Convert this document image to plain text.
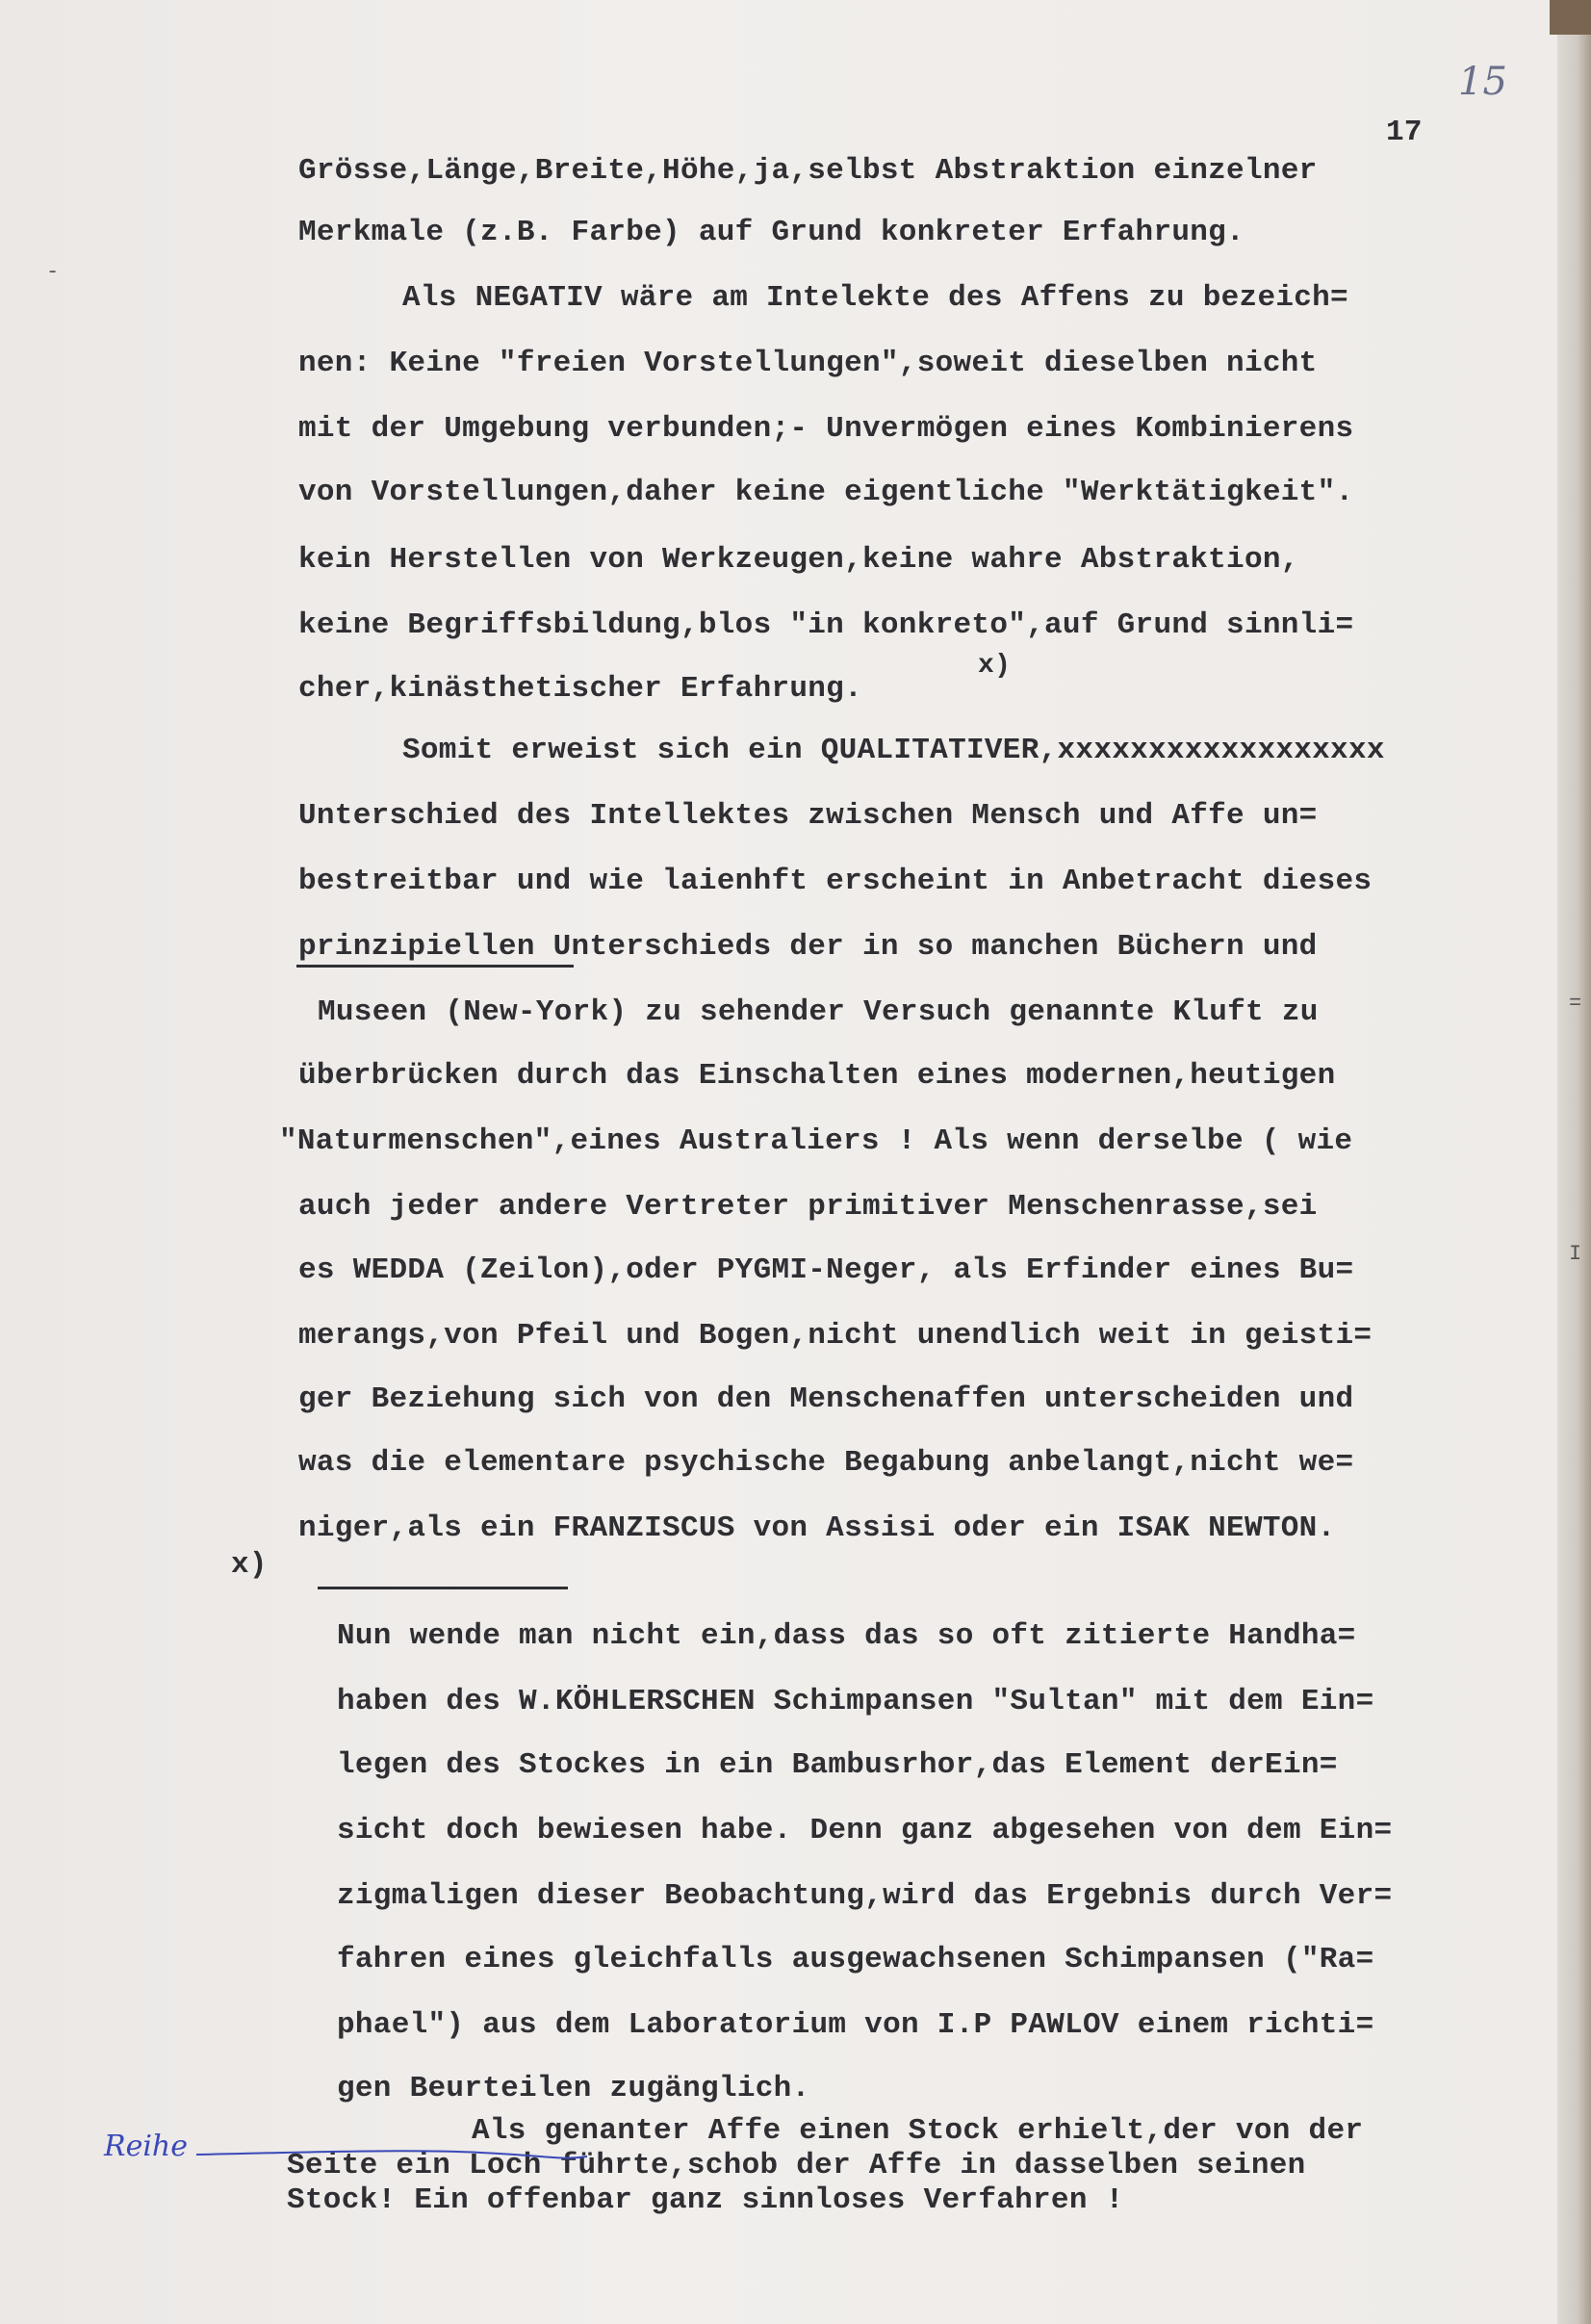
15
17
Grösse,Länge,Breite,Höhe,ja,selbst Abstraktion einzelner
Merkmale (z.B. Farbe) auf Grund konkreter Erfahrung.
Als NEGATIV wäre am Intelekte des Affens zu bezeich=
nen: Keine "freien Vorstellungen",soweit dieselben nicht
mit der Umgebung verbunden;- Unvermögen eines Kombinierens
von Vorstellungen,daher keine eigentliche "Werktätigkeit".
kein Herstellen von Werkzeugen,keine wahre Abstraktion,
keine Begriffsbildung,blos "in konkreto",auf Grund sinnli=
cher,kinästhetischer Erfahrung.
x)
Somit erweist sich ein QUALITATIVER,xxxxxxxxxxxxxxxxxx
Unterschied des Intellektes zwischen Mensch und Affe un=
bestreitbar und wie laienhft erscheint in Anbetracht dieses
prinzipiellen Unterschieds der in so manchen Büchern und
Museen (New-York) zu sehender Versuch genannte Kluft zu
überbrücken durch das Einschalten eines modernen,heutigen
"Naturmenschen",eines Australiers ! Als wenn derselbe ( wie
auch jeder andere Vertreter primitiver Menschenrasse,sei
es WEDDA (Zeilon),oder PYGMI-Neger, als Erfinder eines Bu=
merangs,von Pfeil und Bogen,nicht unendlich weit in geisti=
ger Beziehung sich von den Menschenaffen unterscheiden und
was die elementare psychische Begabung anbelangt,nicht we=
niger,als ein FRANZISCUS von Assisi oder ein ISAK NEWTON.
x)
Nun wende man nicht ein,dass das so oft zitierte Handha=
haben des W.KÖHLERSCHEN Schimpansen "Sultan" mit dem Ein=
legen des Stockes in ein Bambusrhor,das Element derEin=
sicht doch bewiesen habe. Denn ganz abgesehen von dem Ein=
zigmaligen dieser Beobachtung,wird das Ergebnis durch Ver=
fahren eines gleichfalls ausgewachsenen Schimpansen ("Ra=
phael") aus dem Laboratorium von I.P PAWLOV einem richti=
gen Beurteilen zugänglich.
Als genanter Affe einen Stock erhielt,der von der
Seite ein Loch führte,schob der Affe in dasselben seinen
Stock! Ein offenbar ganz sinnloses Verfahren !
Reihe
-
=
I
